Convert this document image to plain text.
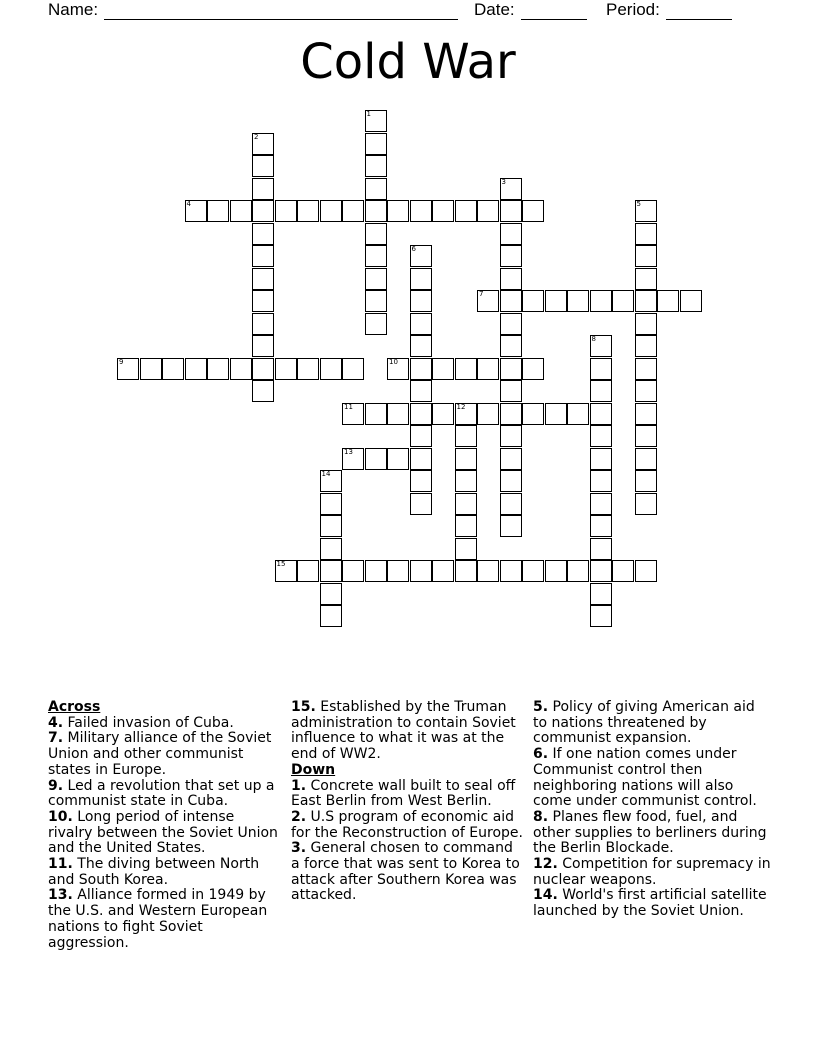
Name:	Date:	Period:
Cold War
1
2
3
4	5
6
7
8
9	10
11	12
13
14
15
Across

4. Failed invasion of Cuba.

7. Military alliance of the Soviet Union and other communist states in Europe.

9. Led a revolution that set up a communist state in Cuba.

10. Long period of intense rivalry between the Soviet Union and the United States.

11. The diving between North and South Korea.

13. Alliance formed in 1949 by the U.S. and Western European nations to fight Soviet aggression.

15. Established by the Truman administration to contain Soviet influence to what it was at the end of WW2.

Down

1. Concrete wall built to seal off East Berlin from West Berlin.

2. U.S program of economic aid for the Reconstruction of Europe.

3. General chosen to command a force that was sent to Korea to attack after Southern Korea was attacked.

5. Policy of giving American aid to nations threatened by communist expansion.

6. If one nation comes under Communist control then neighboring nations will also come under communist control.

8. Planes flew food, fuel, and other supplies to berliners during the Berlin Blockade.

12. Competition for supremacy in nuclear weapons.

14. World's first artificial satellite launched by the Soviet Union.
